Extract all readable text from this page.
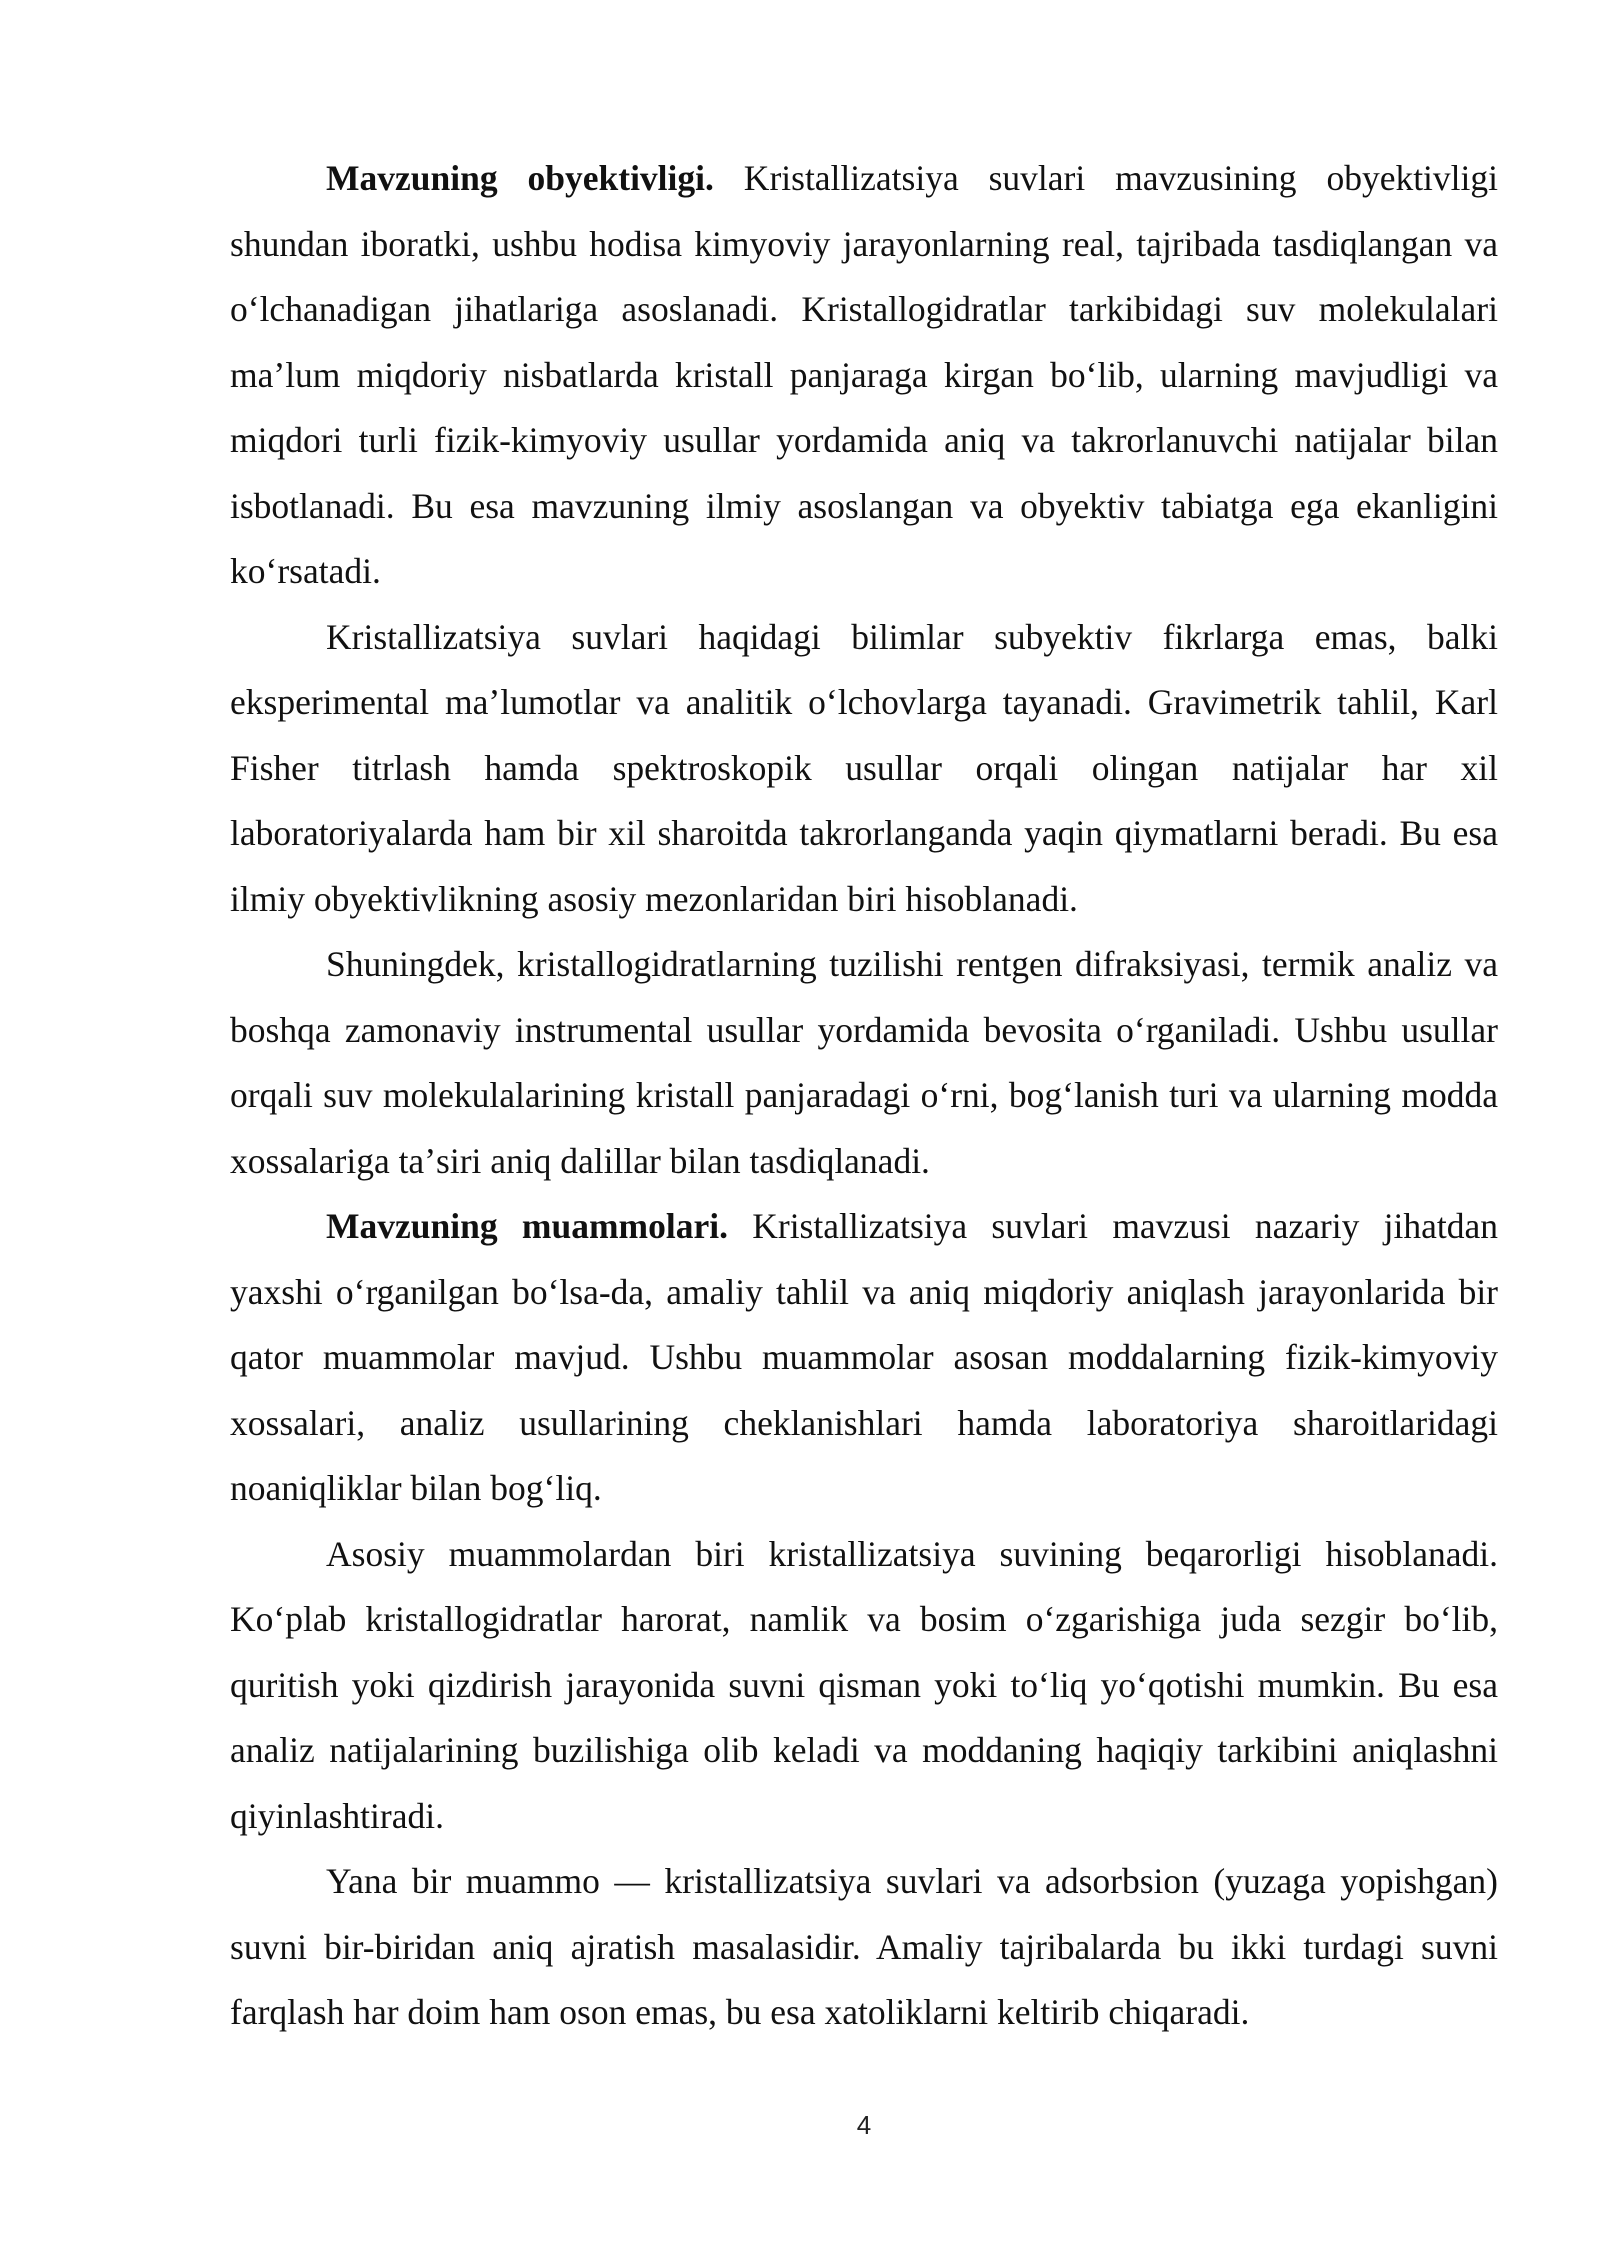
Mavzuning obyektivligi. Kristallizatsiya suvlari mavzusining obyektivligi shundan iboratki, ushbu hodisa kimyoviy jarayonlarning real, tajribada tasdiqlangan va oʻlchanadigan jihatlariga asoslanadi. Kristallogidratlar tarkibidagi suv molekulalari maʼlum miqdoriy nisbatlarda kristall panjaraga kirgan boʻlib, ularning mavjudligi va miqdori turli fizik-kimyoviy usullar yordamida aniq va takrorlanuvchi natijalar bilan isbotlanadi. Bu esa mavzuning ilmiy asoslangan va obyektiv tabiatga ega ekanligini koʻrsatadi.

Kristallizatsiya suvlari haqidagi bilimlar subyektiv fikrlarga emas, balki eksperimental maʼlumotlar va analitik oʻlchovlarga tayanadi. Gravimetrik tahlil, Karl Fisher titrlash hamda spektroskopik usullar orqali olingan natijalar har xil laboratoriyalarda ham bir xil sharoitda takrorlanganda yaqin qiymatlarni beradi. Bu esa ilmiy obyektivlikning asosiy mezonlaridan biri hisoblanadi.

Shuningdek, kristallogidratlarning tuzilishi rentgen difraksiyasi, termik analiz va boshqa zamonaviy instrumental usullar yordamida bevosita oʻrganiladi. Ushbu usullar orqali suv molekulalarining kristall panjaradagi oʻrni, bogʻlanish turi va ularning modda xossalariga taʼsiri aniq dalillar bilan tasdiqlanadi.

Mavzuning muammolari. Kristallizatsiya suvlari mavzusi nazariy jihatdan yaxshi oʻrganilgan boʻlsa-da, amaliy tahlil va aniq miqdoriy aniqlash jarayonlarida bir qator muammolar mavjud. Ushbu muammolar asosan moddalarning fizik-kimyoviy xossalari, analiz usullarining cheklanishlari hamda laboratoriya sharoitlaridagi noaniqliklar bilan bogʻliq.

Asosiy muammolardan biri kristallizatsiya suvining beqarorligi hisoblanadi. Koʻplab kristallogidratlar harorat, namlik va bosim oʻzgarishiga juda sezgir boʻlib, quritish yoki qizdirish jarayonida suvni qisman yoki toʻliq yoʻqotishi mumkin. Bu esa analiz natijalarining buzilishiga olib keladi va moddaning haqiqiy tarkibini aniqlashni qiyinlashtiradi.

Yana bir muammo — kristallizatsiya suvlari va adsorbsion (yuzaga yopishgan) suvni bir-biridan aniq ajratish masalasidir. Amaliy tajribalarda bu ikki turdagi suvni farqlash har doim ham oson emas, bu esa xatoliklarni keltirib chiqaradi.

4
